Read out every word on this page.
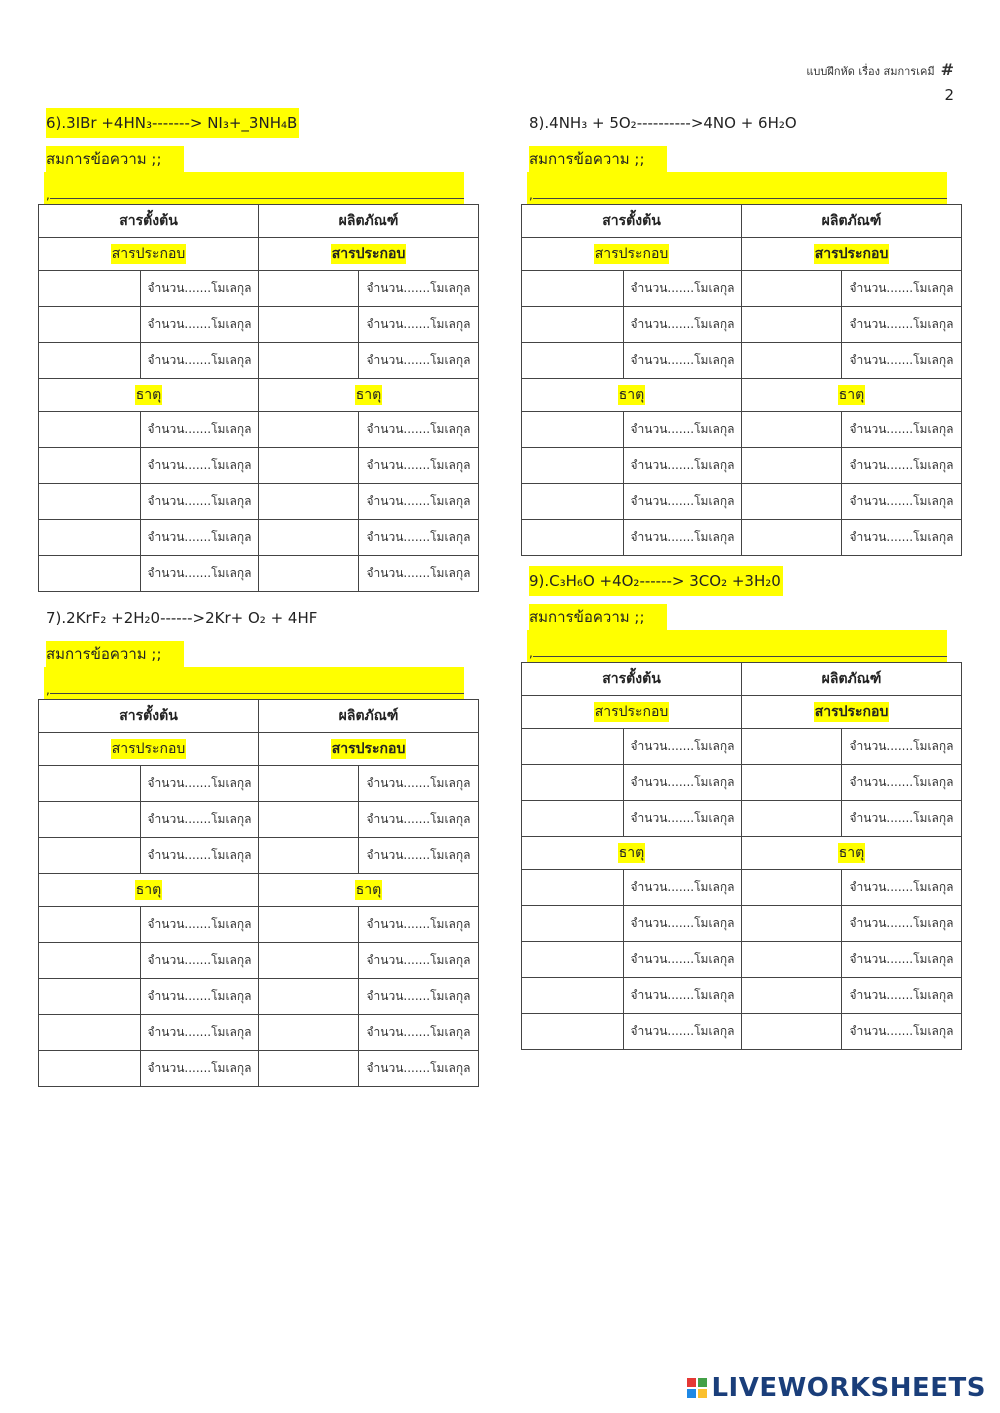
แบบฝึกหัด เรื่อง สมการเคมี #
2
6).3IBr +4HN₃-------> NI₃+_3NH₄B
สมการข้อความ ;;
,
สารตั้งต้น		ผลิตภัณฑ์	
สารประกอบ		สารประกอบ	
	จำนวน.......โมเลกุล		จำนวน.......โมเลกุล
	จำนวน.......โมเลกุล		จำนวน.......โมเลกุล
	จำนวน.......โมเลกุล		จำนวน.......โมเลกุล
ธาตุ		ธาตุ	
	จำนวน.......โมเลกุล		จำนวน.......โมเลกุล
	จำนวน.......โมเลกุล		จำนวน.......โมเลกุล
	จำนวน.......โมเลกุล		จำนวน.......โมเลกุล
	จำนวน.......โมเลกุล		จำนวน.......โมเลกุล
	จำนวน.......โมเลกุล		จำนวน.......โมเลกุล
7).2KrF₂ +2H₂0------>2Kr+ O₂ + 4HF
สมการข้อความ ;;
,
สารตั้งต้น		ผลิตภัณฑ์	
สารประกอบ		สารประกอบ	
	จำนวน.......โมเลกุล		จำนวน.......โมเลกุล
	จำนวน.......โมเลกุล		จำนวน.......โมเลกุล
	จำนวน.......โมเลกุล		จำนวน.......โมเลกุล
ธาตุ		ธาตุ	
	จำนวน.......โมเลกุล		จำนวน.......โมเลกุล
	จำนวน.......โมเลกุล		จำนวน.......โมเลกุล
	จำนวน.......โมเลกุล		จำนวน.......โมเลกุล
	จำนวน.......โมเลกุล		จำนวน.......โมเลกุล
	จำนวน.......โมเลกุล		จำนวน.......โมเลกุล
8).4NH₃ + 5O₂---------->4NO + 6H₂O
สมการข้อความ ;;
,
สารตั้งต้น		ผลิตภัณฑ์	
สารประกอบ		สารประกอบ	
	จำนวน.......โมเลกุล		จำนวน.......โมเลกุล
	จำนวน.......โมเลกุล		จำนวน.......โมเลกุล
	จำนวน.......โมเลกุล		จำนวน.......โมเลกุล
ธาตุ		ธาตุ	
	จำนวน.......โมเลกุล		จำนวน.......โมเลกุล
	จำนวน.......โมเลกุล		จำนวน.......โมเลกุล
	จำนวน.......โมเลกุล		จำนวน.......โมเลกุล
	จำนวน.......โมเลกุล		จำนวน.......โมเลกุล
9).C₃H₆O +4O₂------> 3CO₂ +3H₂0
สมการข้อความ ;;
,
สารตั้งต้น		ผลิตภัณฑ์	
สารประกอบ		สารประกอบ	
	จำนวน.......โมเลกุล		จำนวน.......โมเลกุล
	จำนวน.......โมเลกุล		จำนวน.......โมเลกุล
	จำนวน.......โมเลกุล		จำนวน.......โมเลกุล
ธาตุ		ธาตุ	
	จำนวน.......โมเลกุล		จำนวน.......โมเลกุล
	จำนวน.......โมเลกุล		จำนวน.......โมเลกุล
	จำนวน.......โมเลกุล		จำนวน.......โมเลกุล
	จำนวน.......โมเลกุล		จำนวน.......โมเลกุล
	จำนวน.......โมเลกุล		จำนวน.......โมเลกุล
LIVEWORKSHEETS
